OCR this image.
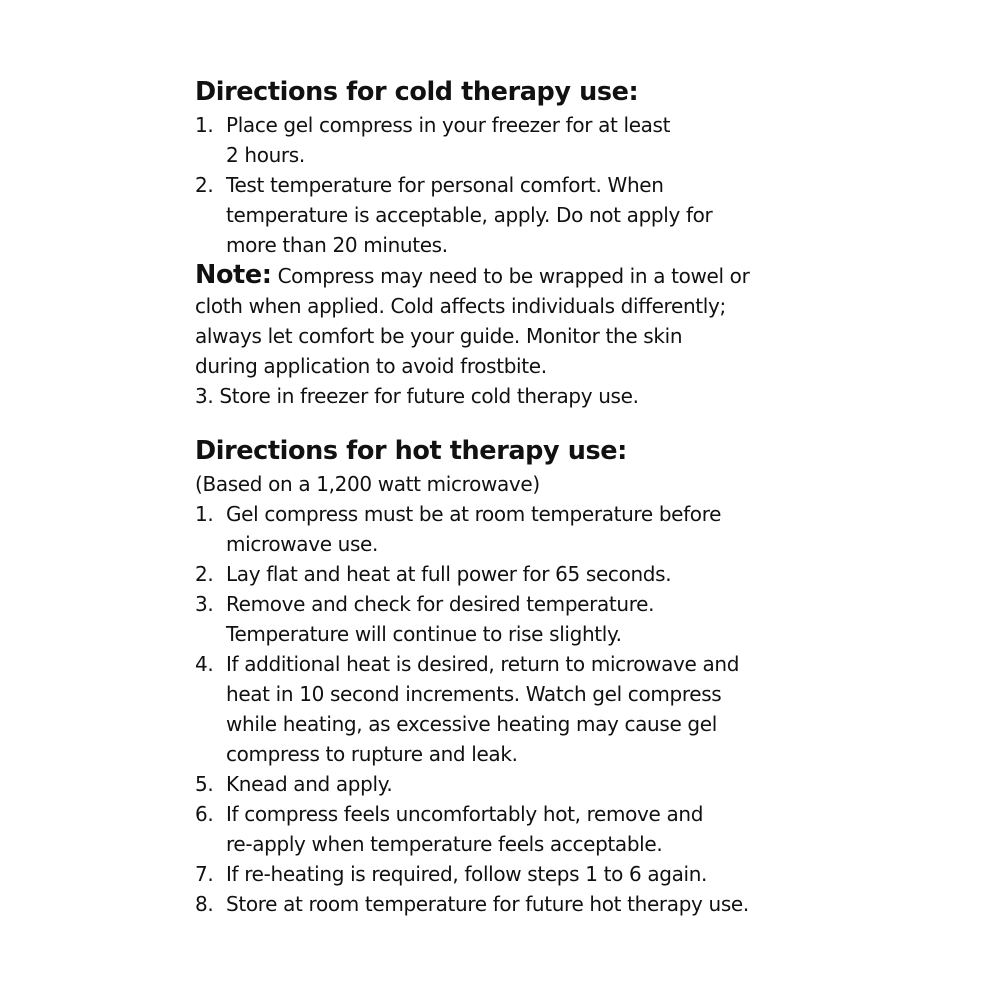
Directions for cold therapy use:
1. Place gel compress in your freezer for at least
2 hours.
2. Test temperature for personal comfort. When
temperature is acceptable, apply. Do not apply for
more than 20 minutes.
Note: Compress may need to be wrapped in a towel or
cloth when applied. Cold affects individuals differently;
always let comfort be your guide. Monitor the skin
during application to avoid frostbite.
3. Store in freezer for future cold therapy use.
Directions for hot therapy use:
(Based on a 1,200 watt microwave)
1. Gel compress must be at room temperature before
microwave use.
2. Lay flat and heat at full power for 65 seconds.
3. Remove and check for desired temperature.
Temperature will continue to rise slightly.
4. If additional heat is desired, return to microwave and
heat in 10 second increments. Watch gel compress
while heating, as excessive heating may cause gel
compress to rupture and leak.
5. Knead and apply.
6. If compress feels uncomfortably hot, remove and
re-apply when temperature feels acceptable.
7. If re-heating is required, follow steps 1 to 6 again.
8. Store at room temperature for future hot therapy use.
